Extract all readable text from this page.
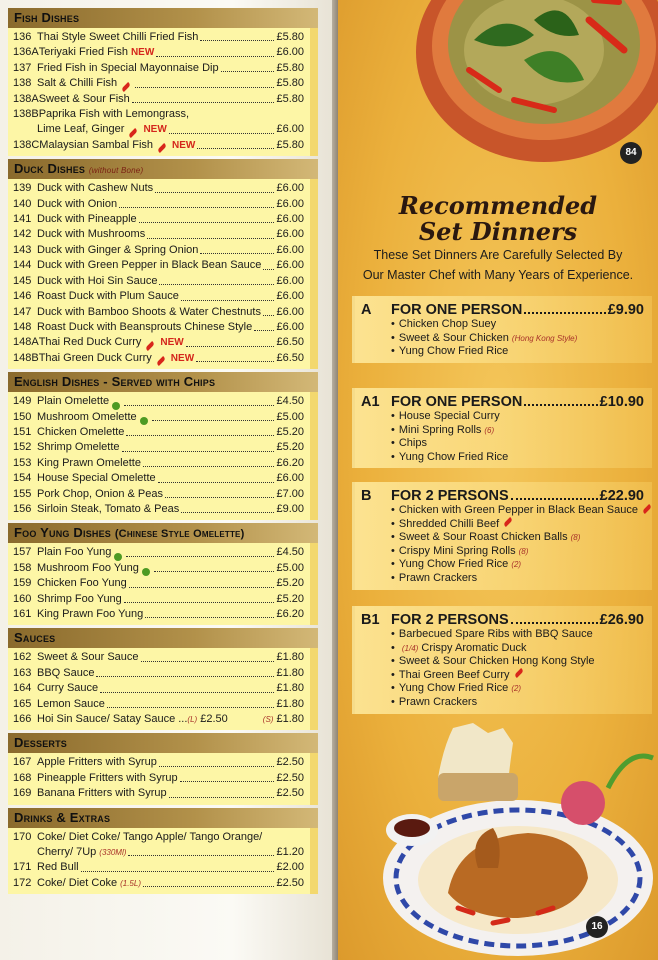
Fish Dishes
136 Thai Style Sweet Chilli Fried Fish	£5.80
136A Teriyaki Fried Fish NEW	£6.00
137 Fried Fish in Special Mayonnaise Dip	£5.80
138 Salt & Chilli Fish	£5.80
138A Sweet & Sour Fish	£5.80
138B Paprika Fish with Lemongrass,
Lime Leaf, Ginger NEW	£6.00
138C Malaysian Sambal Fish NEW	£5.80
Duck Dishes (without Bone)
139 Duck with Cashew Nuts	£6.00
140 Duck with Onion	£6.00
141 Duck with Pineapple	£6.00
142 Duck with Mushrooms	£6.00
143 Duck with Ginger & Spring Onion	£6.00
144 Duck with Green Pepper in Black Bean Sauce £6.00
145 Duck with Hoi Sin Sauce	£6.00
146 Roast Duck with Plum Sauce	£6.00
147 Duck with Bamboo Shoots & Water Chestnuts £6.00
148 Roast Duck with Beansprouts Chinese Style £6.00
148A Thai Red Duck Curry NEW	£6.50
148B Thai Green Duck Curry NEW	£6.50
English Dishes - Served with Chips
149 Plain Omelette	£4.50
150 Mushroom Omelette	£5.00
151 Chicken Omelette	£5.20
152 Shrimp Omelette	£5.20
153 King Prawn Omelette	£6.20
154 House Special Omelette	£6.00
155 Pork Chop, Onion & Peas	£7.00
156 Sirloin Steak, Tomato & Peas	£9.00
Foo Yung Dishes (Chinese Style Omelette)
157 Plain Foo Yung	£4.50
158 Mushroom Foo Yung	£5.00
159 Chicken Foo Yung	£5.20
160 Shrimp Foo Yung	£5.20
161 King Prawn Foo Yung	£6.20
Sauces
162 Sweet & Sour Sauce	£1.80
163 BBQ Sauce	£1.80
164 Curry Sauce	£1.80
165 Lemon Sauce	£1.80
166 Hoi Sin Sauce/ Satay Sauce ... (L) £2.50	(S) £1.80
Desserts
167 Apple Fritters with Syrup	£2.50
168 Pineapple Fritters with Syrup	£2.50
169 Banana Fritters with Syrup	£2.50
Drinks & Extras
170 Coke/ Diet Coke/ Tango Apple/ Tango Orange/
Cherry/ 7Up (330Ml)	£1.20
171 Red Bull	£2.00
172 Coke/ Diet Coke (1.5L)	£2.50
84
Recommended
Set Dinners
These Set Dinners Are Carefully Selected By
Our Master Chef with Many Years of Experience.
A	FOR ONE PERSON	£9.90
• Chicken Chop Suey
• Sweet & Sour Chicken (Hong Kong Style)
• Yung Chow Fried Rice
A1 FOR ONE PERSON	£10.90
• House Special Curry
• Mini Spring Rolls (6)
• Chips
• Yung Chow Fried Rice
B	FOR 2 PERSONS	£22.90
• Chicken with Green Pepper in Black Bean Sauce
• Shredded Chilli Beef
• Sweet & Sour Roast Chicken Balls (8)
• Crispy Mini Spring Rolls (8)
• Yung Chow Fried Rice (2)
• Prawn Crackers
B1 FOR 2 PERSONS	£26.90
• Barbecued Spare Ribs with BBQ Sauce
• (1/4) Crispy Aromatic Duck
• Sweet & Sour Chicken Hong Kong Style
• Thai Green Beef Curry
• Yung Chow Fried Rice (2)
• Prawn Crackers
16
